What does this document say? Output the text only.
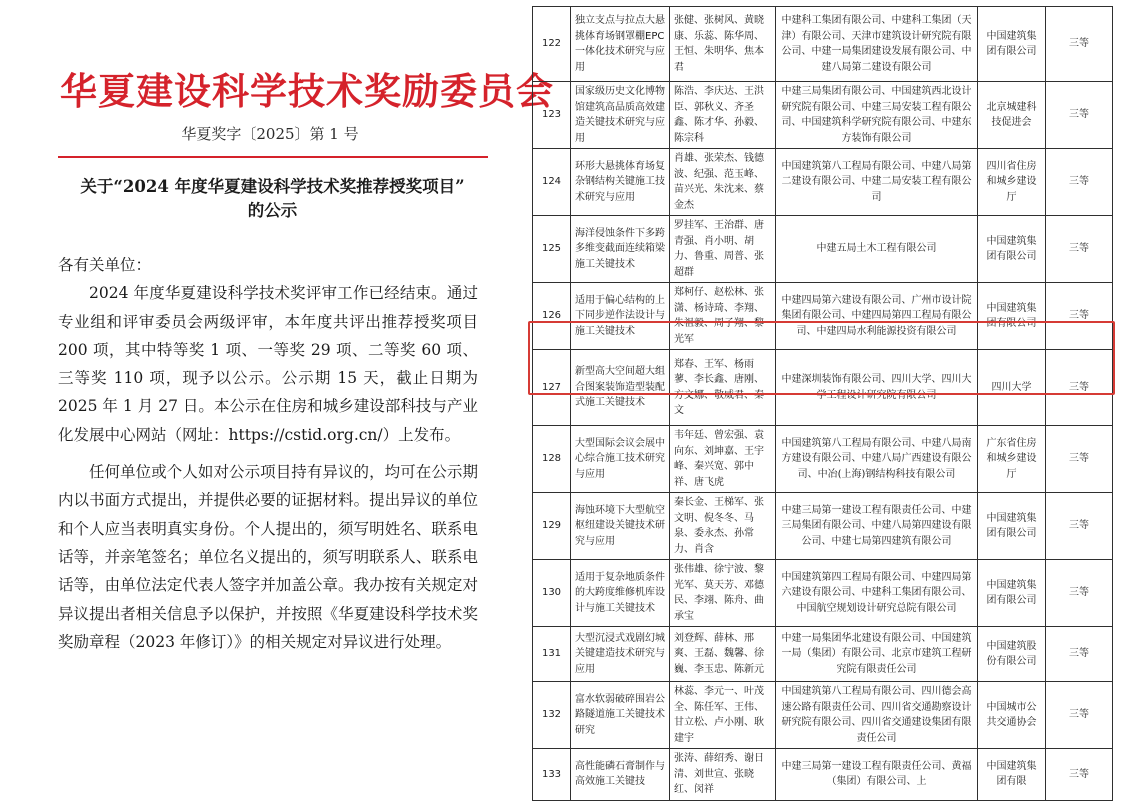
华夏建设科学技术奖励委员会
华夏奖字〔2025〕第 1 号
关于“2024 年度华夏建设科学技术奖推荐授奖项目”
的公示

各有关单位：

2024 年度华夏建设科学技术奖评审工作已经结束。通过专业组和评审委员会两级评审，本年度共评出推荐授奖项目 200 项，其中特等奖 1 项、一等奖 29 项、二等奖 60 项、三等奖 110 项，现予以公示。公示期 15 天，截止日期为 2025 年 1 月 27 日。本公示在住房和城乡建设部科技与产业化发展中心网站（网址：https://cstid.org.cn/）上发布。

任何单位或个人如对公示项目持有异议的，均可在公示期内以书面方式提出，并提供必要的证据材料。提出异议的单位和个人应当表明真实身份。个人提出的，须写明姓名、联系电话等，并亲笔签名；单位名义提出的，须写明联系人、联系电话等，由单位法定代表人签字并加盖公章。我办按有关规定对异议提出者相关信息予以保护，并按照《华夏建设科学技术奖奖励章程（2023 年修订）》的相关规定对异议进行处理。

122	独立支点与拉点大悬挑体育场钢罩棚EPC一体化技术研究与应用	张健、张树风、黄晓康、乐蕊、陈华周、王恒、朱明华、焦本君	中建科工集团有限公司、中建科工集团（天津）有限公司、天津市建筑设计研究院有限公司、中建一局集团建设发展有限公司、中建八局第二建设有限公司	中国建筑集团有限公司	三等
123	国家级历史文化博物馆建筑高品质高效建造关键技术研究与应用	陈浩、李庆达、王洪臣、郭秋义、齐圣鑫、陈才华、孙毅、陈宗科	中建三局集团有限公司、中国建筑西北设计研究院有限公司、中建三局安装工程有限公司、中国建筑科学研究院有限公司、中建东方装饰有限公司	北京城建科技促进会	三等
124	环形大悬挑体育场复杂钢结构关键施工技术研究与应用	肖雄、张荣杰、钱德波、纪强、范玉峰、苗兴光、朱沈来、蔡金杰	中国建筑第八工程局有限公司、中建八局第二建设有限公司、中建二局安装工程有限公司	四川省住房和城乡建设厅	三等
125	海洋侵蚀条件下多跨多维变截面连续箱梁施工关键技术	罗挂军、王治群、唐青强、肖小明、胡力、鲁重、周普、张超群	中建五局土木工程有限公司	中国建筑集团有限公司	三等
126	适用于偏心结构的上下同步逆作法设计与施工关键技术	郑柯仔、赵松林、张潇、杨诗琦、李翔、朱祖毅、周子翔、黎光军	中建四局第六建设有限公司、广州市设计院集团有限公司、中建四局第四工程局有限公司、中建四局水利能源投资有限公司	中国建筑集团有限公司	三等
127	新型高大空间超大组合图案装饰造型装配式施工关键技术	郑春、王军、杨雨蓼、李长鑫、唐刚、方文娜、敬威君、秦文	中建深圳装饰有限公司、四川大学、四川大学工程设计研究院有限公司	四川大学	三等
128	大型国际会议会展中心综合施工技术研究与应用	韦年廷、曾宏强、袁向东、刘坤嘉、王宇峰、秦兴宽、郭中祥、唐飞虎	中国建筑第八工程局有限公司、中建八局南方建设有限公司、中建八局广西建设有限公司、中冶(上海)钢结构科技有限公司	广东省住房和城乡建设厅	三等
129	海蚀环境下大型航空枢纽建设关键技术研究与应用	秦长金、王梯军、张文明、倪冬冬、马泉、委永杰、孙常力、肖含	中建三局第一建设工程有限责任公司、中建三局集团有限公司、中建八局第四建设有限公司、中建七局第四建筑有限公司	中国建筑集团有限公司	三等
130	适用于复杂地质条件的大跨度维修机库设计与施工关键技术	张伟雄、徐宁波、黎光军、莫天芳、邓德民、李翊、陈舟、曲承宝	中国建筑第四工程局有限公司、中建四局第六建设有限公司、中建科工集团有限公司、中国航空规划设计研究总院有限公司	中国建筑集团有限公司	三等
131	大型沉浸式戏剧幻城关键建造技术研究与应用	刘登辉、薛林、邢爽、王磊、魏馨、徐巍、李玉忠、陈新元	中建一局集团华北建设有限公司、中国建筑一局（集团）有限公司、北京市建筑工程研究院有限责任公司	中国建筑股份有限公司	三等
132	富水软弱破碎围岩公路隧道施工关键技术研究	林蕊、李元一、叶茂全、陈任军、王伟、甘立松、卢小刚、耿建宇	中国建筑第八工程局有限公司、四川德会高速公路有限责任公司、四川省交通勘察设计研究院有限公司、四川省交通建设集团有限责任公司	中国城市公共交通协会	三等
133	高性能磷石膏制作与高效施工关键技	张涛、薛绍秀、谢日清、刘世宣、张晓红、闵祥	中建三局第一建设工程有限责任公司、黄福（集团）有限公司、上	中国建筑集团有限	三等
